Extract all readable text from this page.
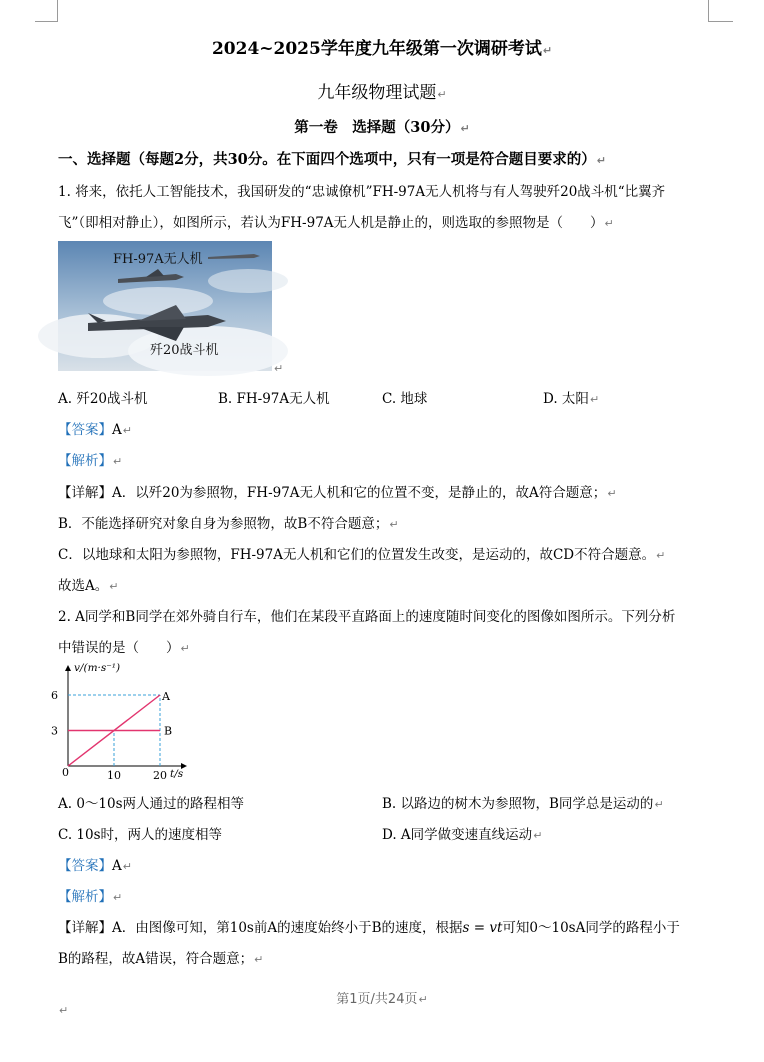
2024~2025学年度九年级第一次调研考试↵
九年级物理试题↵
第一卷　选择题（30分）↵
一、选择题（每题2分，共30分。在下面四个选项中，只有一项是符合题目要求的）↵
1. 将来，依托人工智能技术，我国研发的“忠诚僚机”FH-97A无人机将与有人驾驶歼20战斗机“比翼齐
飞”（即相对静止），如图所示，若认为FH-97A无人机是静止的，则选取的参照物是（　　）↵
FH-97A无人机
歼20战斗机
↵
A. 歼20战斗机	B. FH-97A无人机	C. 地球	D. 太阳↵
【答案】A↵
【解析】↵
【详解】A．以歼20为参照物，FH-97A无人机和它的位置不变，是静止的，故A符合题意；↵
B．不能选择研究对象自身为参照物，故B不符合题意；↵
C．以地球和太阳为参照物，FH-97A无人机和它们的位置发生改变，是运动的，故CD不符合题意。↵
故选A。↵
2. A同学和B同学在郊外骑自行车，他们在某段平直路面上的速度随时间变化的图像如图所示。下列分析
中错误的是（　　）↵
v/(m·s⁻¹)
t/s
0
3
6
10	20
A
B
A. 0～10s两人通过的路程相等	B. 以路边的树木为参照物，B同学总是运动的↵
C. 10s时，两人的速度相等	D. A同学做变速直线运动↵
【答案】A↵
【解析】↵
【详解】A．由图像可知，第10s前A的速度始终小于B的速度，根据s = vt可知0～10sA同学的路程小于
B的路程，故A错误，符合题意；↵
第1页/共24页↵
↵
